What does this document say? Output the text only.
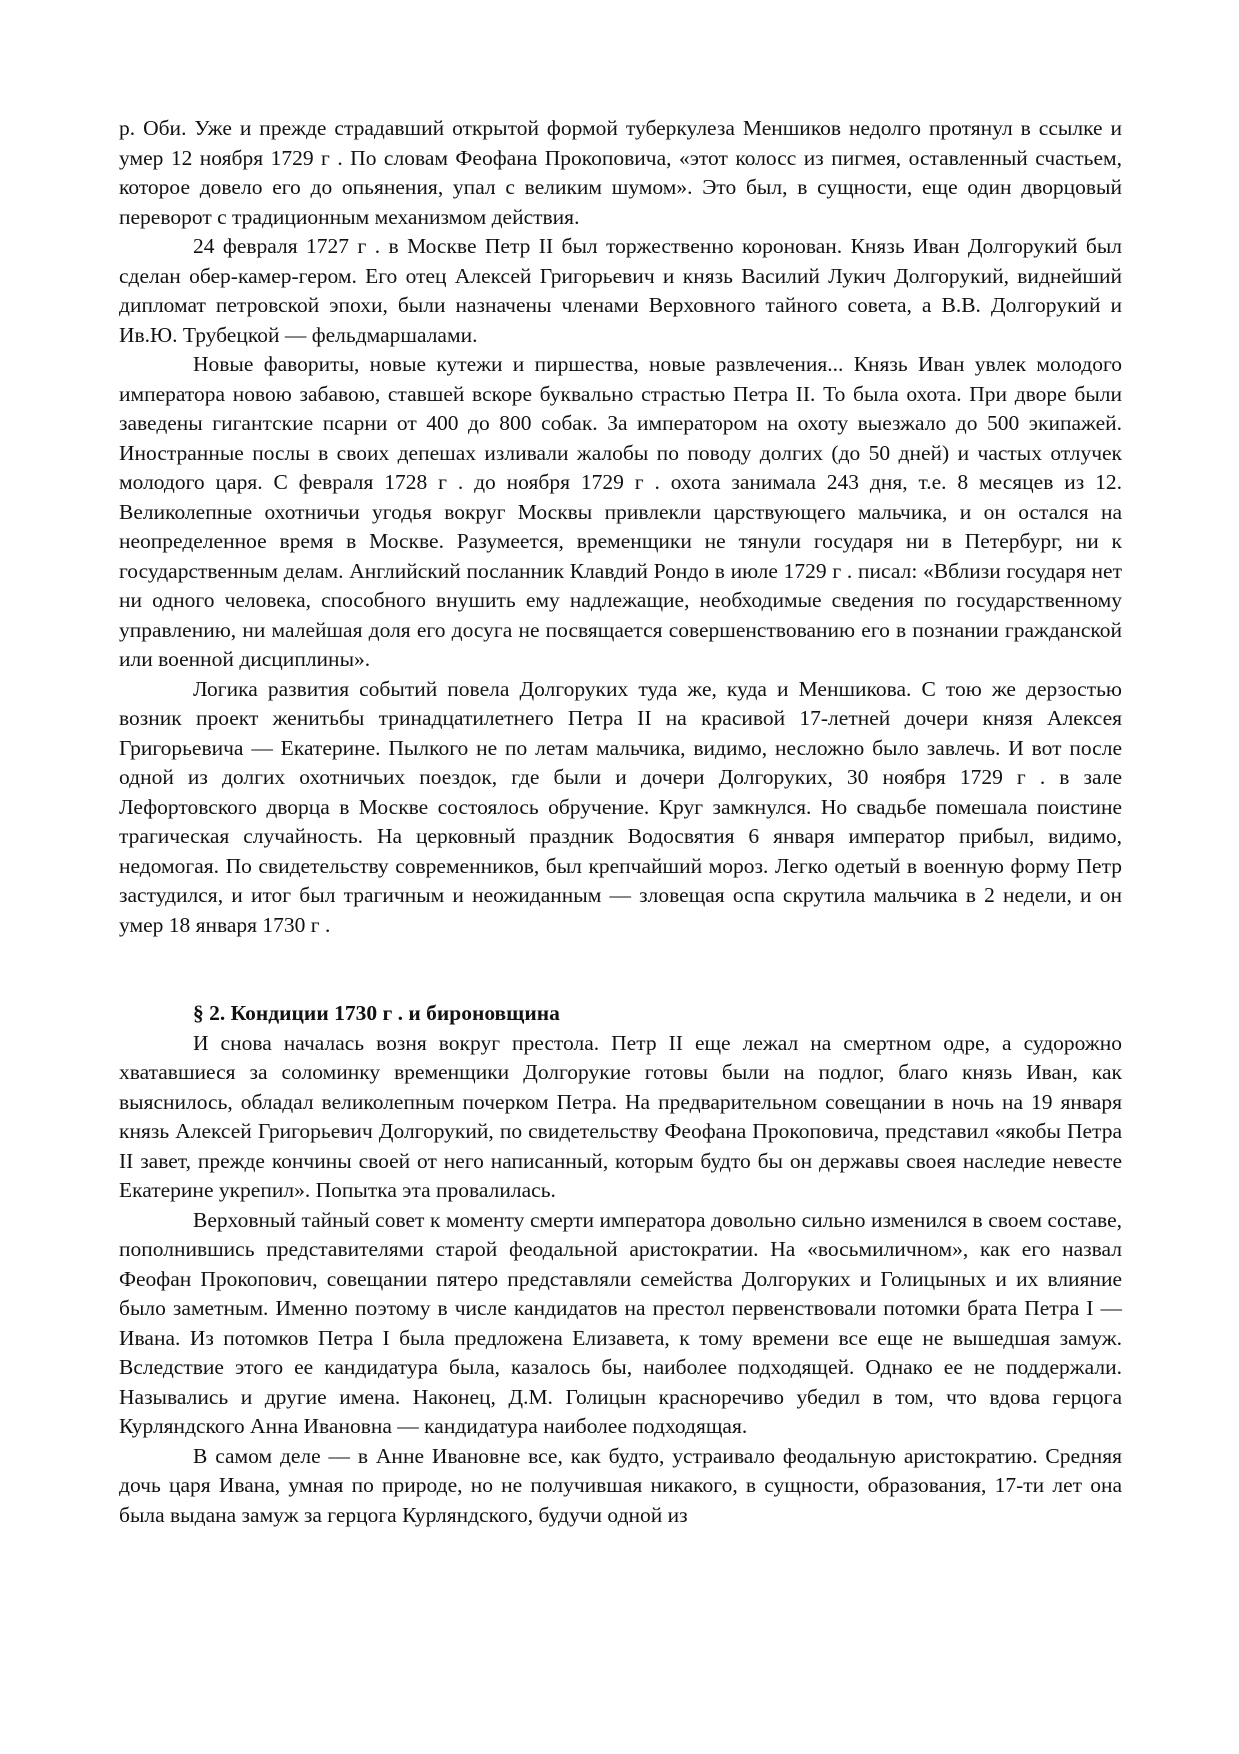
р. Оби. Уже и прежде страдавший открытой формой туберкулеза Меншиков недолго протянул в ссылке и умер 12 ноября 1729 г . По словам Феофана Прокоповича, «этот колосс из пигмея, оставленный счастьем, которое довело его до опьянения, упал с великим шумом». Это был, в сущности, еще один дворцовый переворот с традиционным механизмом действия.

24 февраля 1727 г . в Москве Петр II был торжественно коронован. Князь Иван Долгорукий был сделан обер-камер-гером. Его отец Алексей Григорьевич и князь Василий Лукич Долгорукий, виднейший дипломат петровской эпохи, были назначены членами Верховного тайного совета, а В.В. Долгорукий и Ив.Ю. Трубецкой — фельдмаршалами.

Новые фавориты, новые кутежи и пиршества, новые развлечения... Князь Иван увлек молодого императора новою забавою, ставшей вскоре буквально страстью Петра II. То была охота. При дворе были заведены гигантские псарни от 400 до 800 собак. За императором на охоту выезжало до 500 экипажей. Иностранные послы в своих депешах изливали жалобы по поводу долгих (до 50 дней) и частых отлучек молодого царя. С февраля 1728 г . до ноября 1729 г . охота занимала 243 дня, т.е. 8 месяцев из 12. Великолепные охотничьи угодья вокруг Москвы привлекли царствующего мальчика, и он остался на неопределенное время в Москве. Разумеется, временщики не тянули государя ни в Петербург, ни к государственным делам. Английский посланник Клавдий Рондо в июле 1729 г . писал: «Вблизи государя нет ни одного человека, способного внушить ему надлежащие, необходимые сведения по государственному управлению, ни малейшая доля его досуга не посвящается совершенствованию его в познании гражданской или военной дисциплины».

Логика развития событий повела Долгоруких туда же, куда и Меншикова. С тою же дерзостью возник проект женитьбы тринадцатилетнего Петра II на красивой 17-летней дочери князя Алексея Григорьевича — Екатерине. Пылкого не по летам мальчика, видимо, несложно было завлечь. И вот после одной из долгих охотничьих поездок, где были и дочери Долгоруких, 30 ноября 1729 г . в зале Лефортовского дворца в Москве состоялось обручение. Круг замкнулся. Но свадьбе помешала поистине трагическая случайность. На церковный праздник Водосвятия 6 января император прибыл, видимо, недомогая. По свидетельству современников, был крепчайший мороз. Легко одетый в военную форму Петр застудился, и итог был трагичным и неожиданным — зловещая оспа скрутила мальчика в 2 недели, и он умер 18 января 1730 г .

§ 2. Кондиции 1730 г . и бироновщина

И снова началась возня вокруг престола. Петр II еще лежал на смертном одре, а судорожно хватавшиеся за соломинку временщики Долгорукие готовы были на подлог, благо князь Иван, как выяснилось, обладал великолепным почерком Петра. На предварительном совещании в ночь на 19 января князь Алексей Григорьевич Долгорукий, по свидетельству Феофана Прокоповича, представил «якобы Петра II завет, прежде кончины своей от него написанный, которым будто бы он державы своея наследие невесте Екатерине укрепил». Попытка эта провалилась.

Верховный тайный совет к моменту смерти императора довольно сильно изменился в своем составе, пополнившись представителями старой феодальной аристократии. На «восьмиличном», как его назвал Феофан Прокопович, совещании пятеро представляли семейства Долгоруких и Голицыных и их влияние было заметным. Именно поэтому в числе кандидатов на престол первенствовали потомки брата Петра I — Ивана. Из потомков Петра I была предложена Елизавета, к тому времени все еще не вышедшая замуж. Вследствие этого ее кандидатура была, казалось бы, наиболее подходящей. Однако ее не поддержали. Назывались и другие имена. Наконец, Д.М. Голицын красноречиво убедил в том, что вдова герцога Курляндского Анна Ивановна — кандидатура наиболее подходящая.

В самом деле — в Анне Ивановне все, как будто, устраивало феодальную аристократию. Средняя дочь царя Ивана, умная по природе, но не получившая никакого, в сущности, образования, 17-ти лет она была выдана замуж за герцога Курляндского, будучи одной из
